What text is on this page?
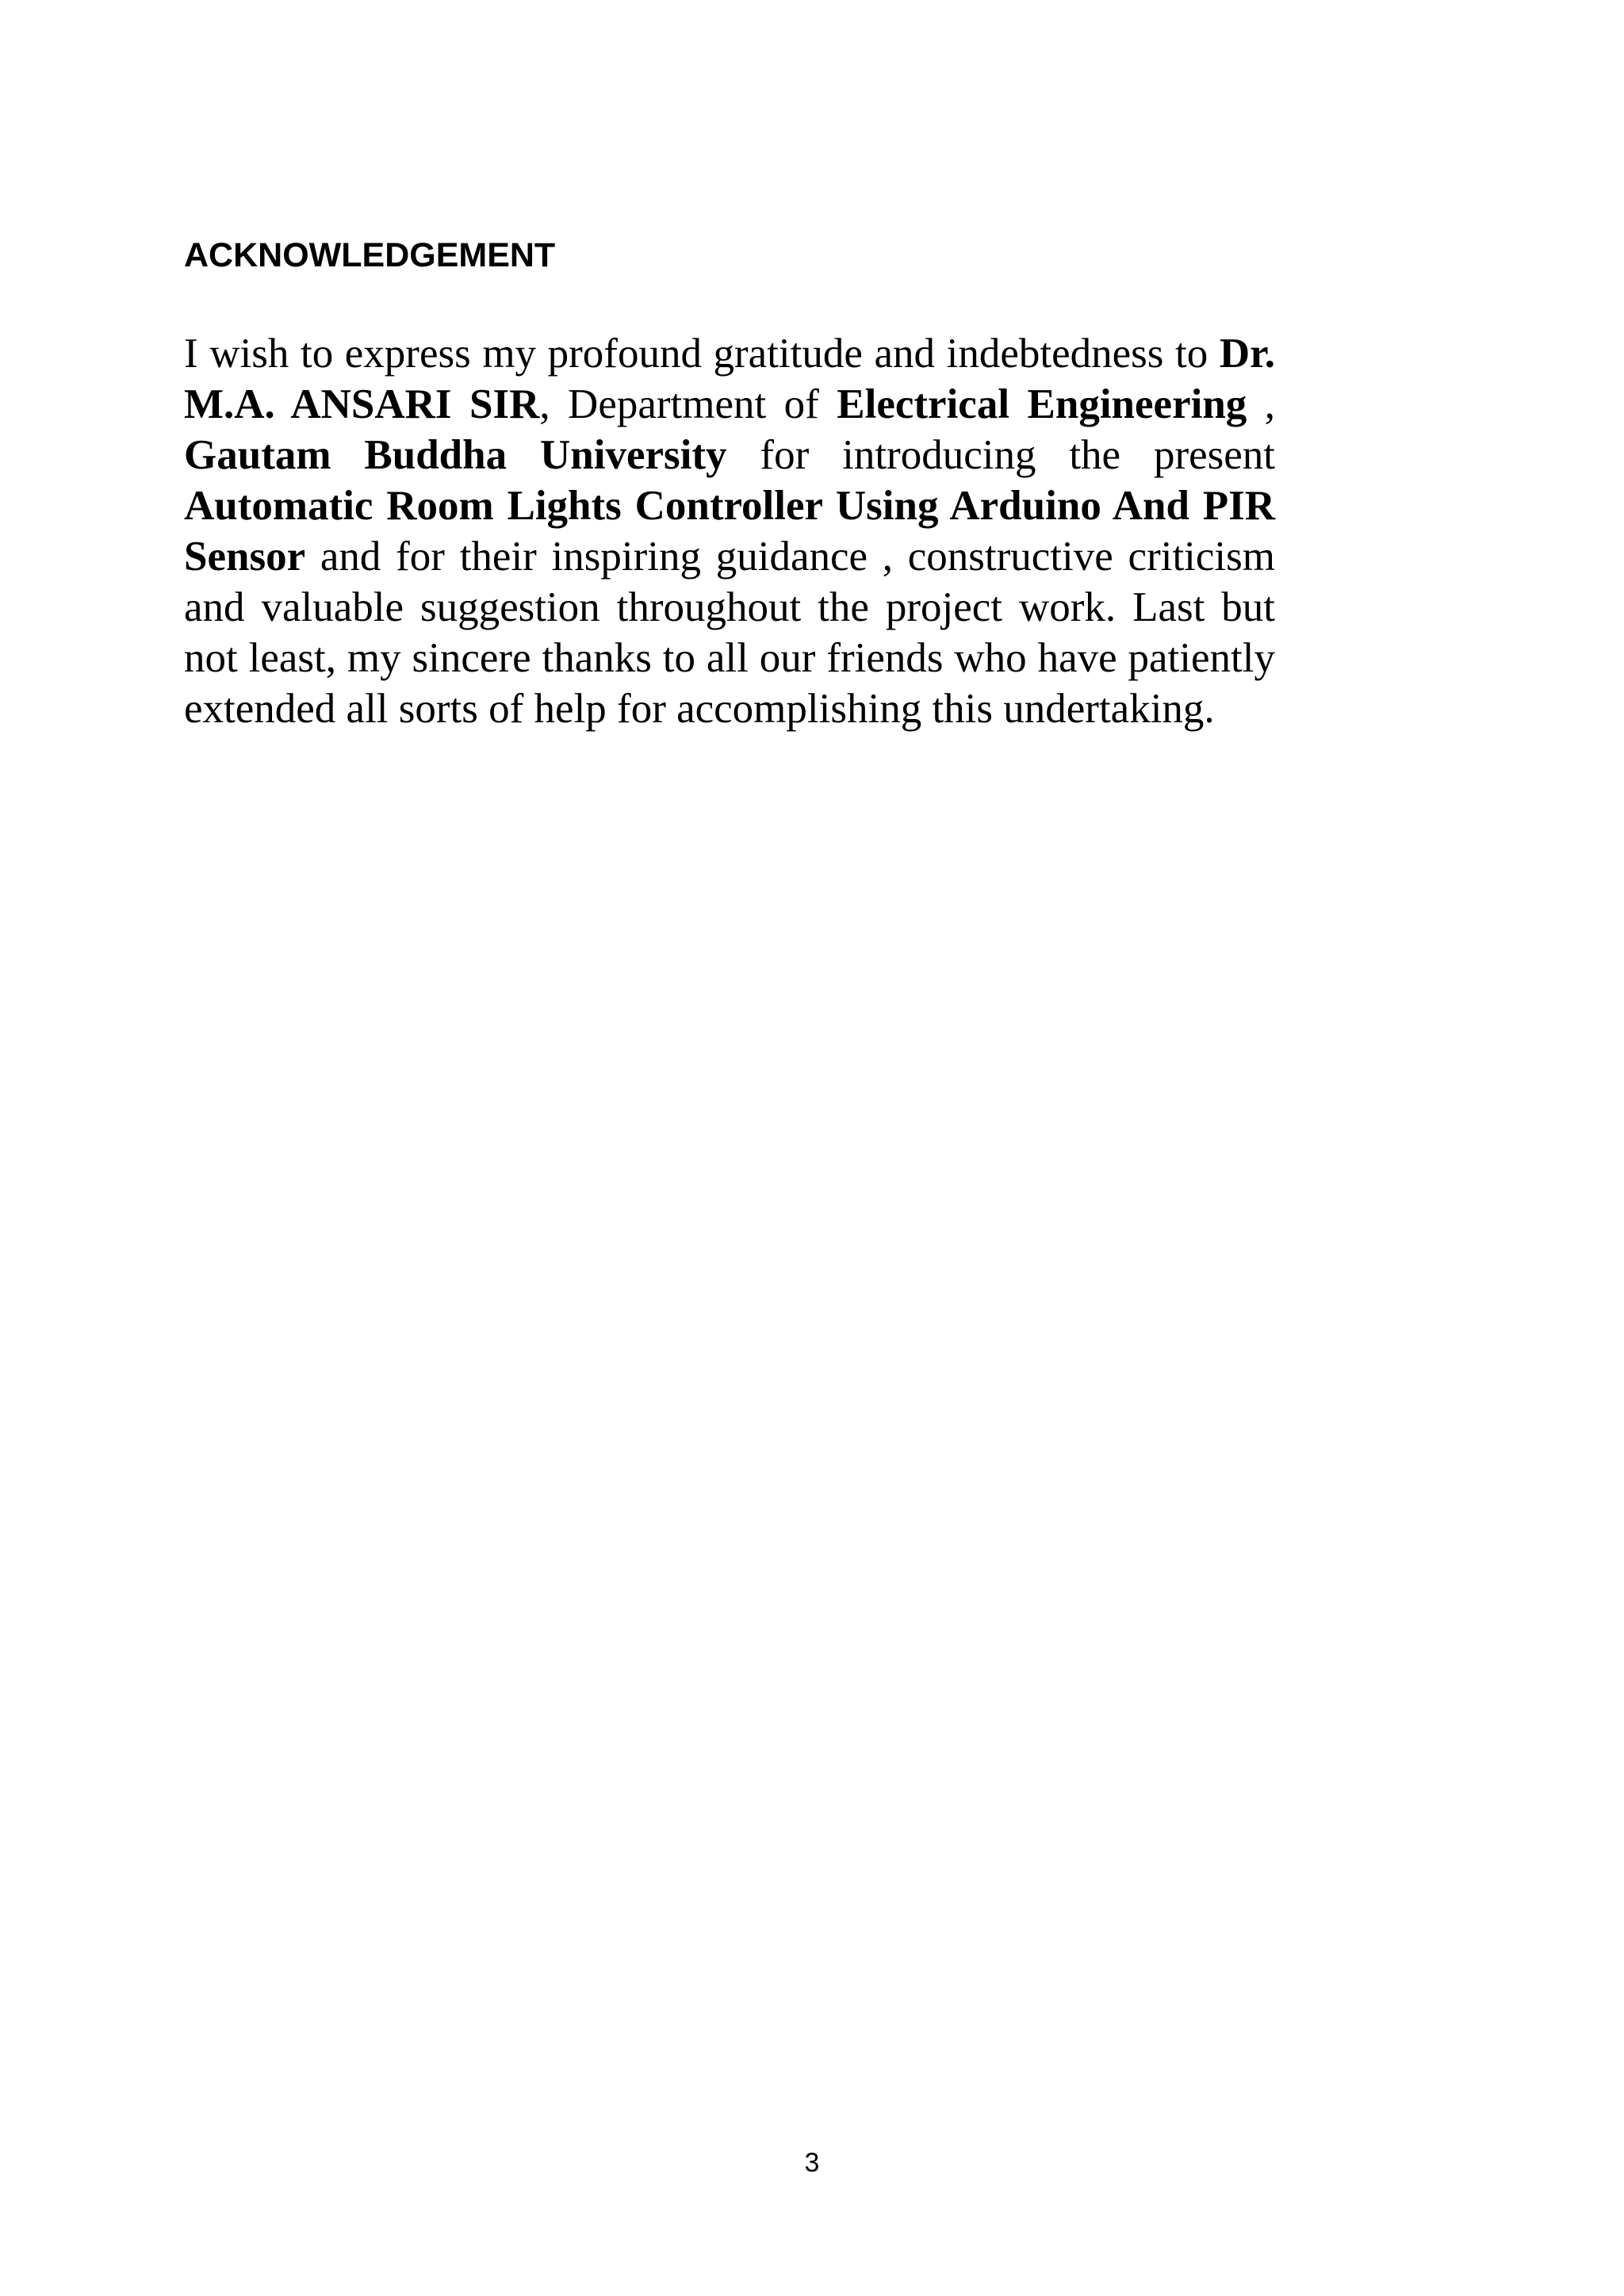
ACKNOWLEDGEMENT

I wish to express my profound gratitude and indebtedness to Dr. M.A. ANSARI SIR, Department of Electrical Engineering , Gautam Buddha University for introducing the present Automatic Room Lights Controller Using Arduino And PIR Sensor and for their inspiring guidance , constructive criticism and valuable suggestion throughout the project work. Last but not least, my sincere thanks to all our friends who have patiently extended all sorts of help for accomplishing this undertaking.

3
